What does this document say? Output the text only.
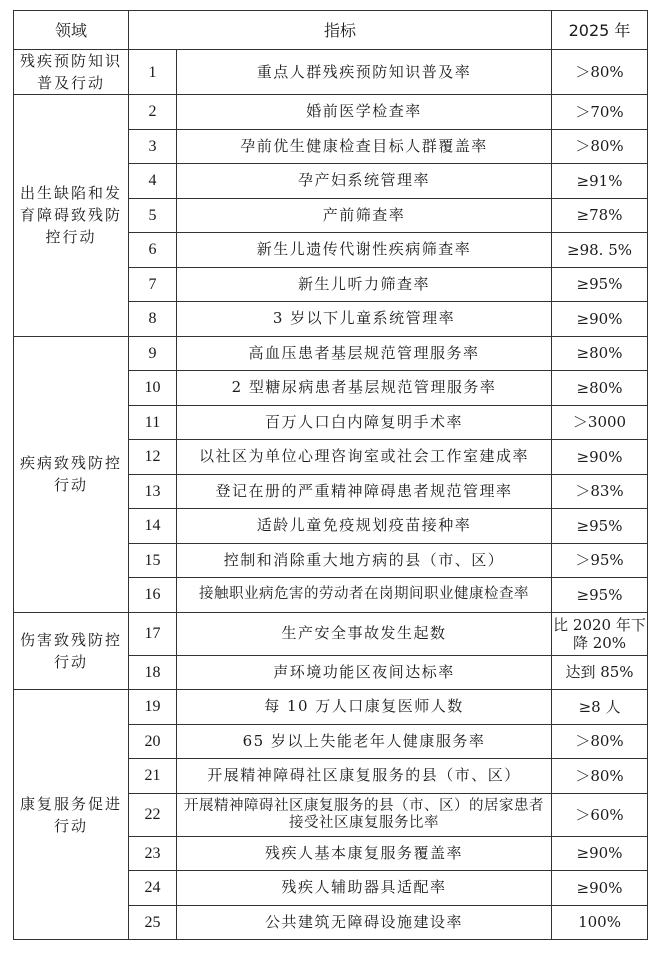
领域	指标		2025 年
残疾预防知识普及行动	1	重点人群残疾预防知识普及率	＞80%
出生缺陷和发育障碍致残防控行动	2	婚前医学检查率	＞70%
	3	孕前优生健康检查目标人群覆盖率	＞80%
	4	孕产妇系统管理率	≥91%
	5	产前筛查率	≥78%
	6	新生儿遗传代谢性疾病筛查率	≥98. 5%
	7	新生儿听力筛查率	≥95%
	8	3 岁以下儿童系统管理率	≥90%
疾病致残防控行动	9	高血压患者基层规范管理服务率	≥80%
	10	2 型糖尿病患者基层规范管理服务率	≥80%
	11	百万人口白内障复明手术率	＞3000
	12	以社区为单位心理咨询室或社会工作室建成率	≥90%
	13	登记在册的严重精神障碍患者规范管理率	＞83%
	14	适龄儿童免疫规划疫苗接种率	≥95%
	15	控制和消除重大地方病的县（市、区）	＞95%
	16	接触职业病危害的劳动者在岗期间职业健康检查率	≥95%
伤害致残防控行动	17	生产安全事故发生起数	比 2020 年下降 20%
	18	声环境功能区夜间达标率	达到 85%
康复服务促进行动	19	每 10 万人口康复医师人数	≥8 人
	20	65 岁以上失能老年人健康服务率	＞80%
	21	开展精神障碍社区康复服务的县（市、区）	＞80%
	22	开展精神障碍社区康复服务的县（市、区）的居家患者接受社区康复服务比率	＞60%
	23	残疾人基本康复服务覆盖率	≥90%
	24	残疾人辅助器具适配率	≥90%
	25	公共建筑无障碍设施建设率	100%
